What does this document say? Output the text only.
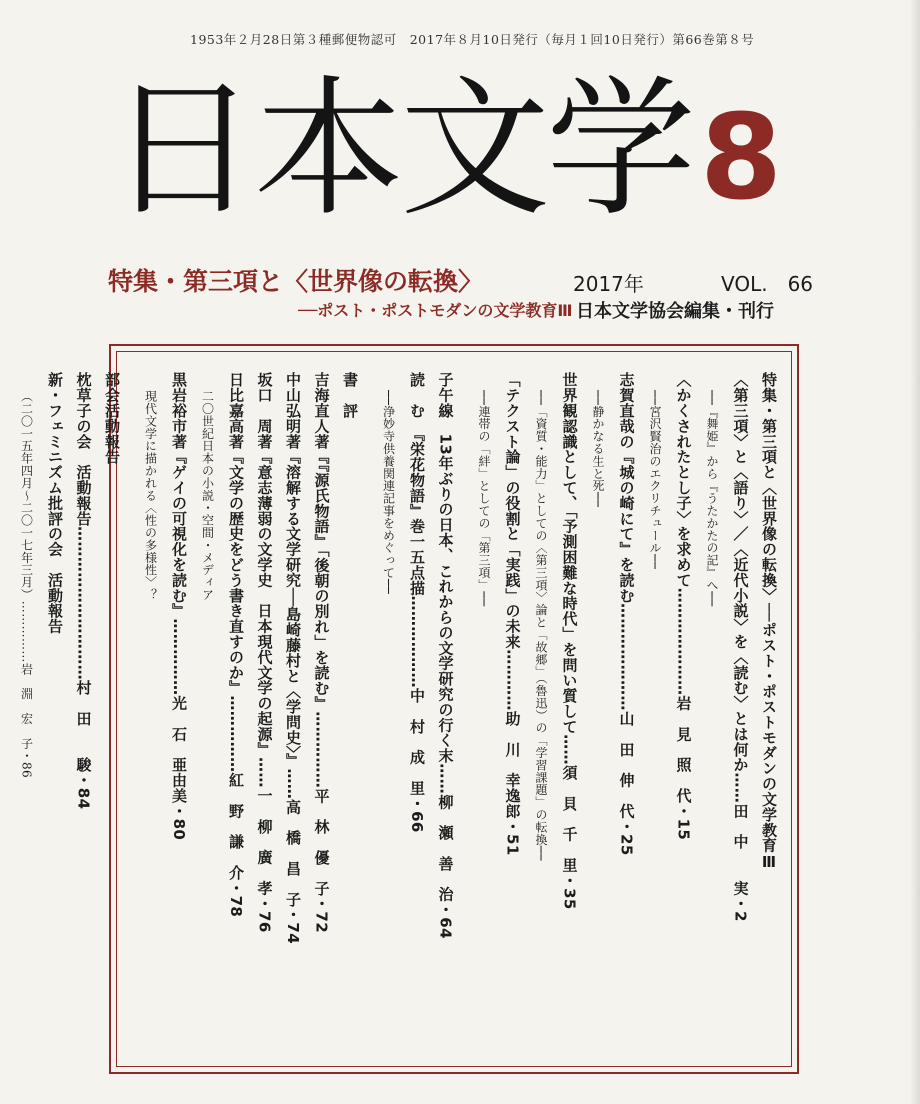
1953年２月28日第３種郵便物認可　2017年８月10日発行（毎月１回10日発行）第66巻第８号
日本文学 8
特集・第三項と〈世界像の転換〉
──ポスト・ポストモダンの文学教育Ⅲ
2017年	VOL.　66
日本文学協会編集・刊行
特集・第三項と〈世界像の転換〉──ポスト・ポストモダンの文学教育Ⅲ
〈第三項〉と〈語り〉／〈近代小説〉を〈読む〉とは何か……田　中　　実・2
──『舞姫』から『うたかたの記』へ──
〈かくされたとし子〉を求めて…………………岩　見　照　代・15
──宮沢賢治のエクリチュール──
志賀直哉の『城の崎にて』を読む…………………山　田　伸　代・25
──静かなる生と死──
世界観認識として、「予測困難な時代」を問い質して……須　貝　千　里・35
──「資質・能力」としての〈第三項〉論と「故郷」（魯迅）の「学習課題」の転換──
「テクスト論」の役割と「実践」の未来…………助　川　幸逸郎・51
──連帯の「絆」としての「第三項」──
子午線　13年ぶりの日本、これからの文学研究の行く末……柳　瀬　善　治・64
読　む　『栄花物語』巻一五点描………………中　村　成　里・66
──浄妙寺供養関連記事をめぐって──
書　評
吉海直人著『『源氏物語』「後朝の別れ」を読む』……………平　林　優　子・72
中山弘明著『溶解する文学研究──島崎藤村と〈学問史〉』……高　橋　昌　子・74
坂口　周著『意志薄弱の文学史　日本現代文学の起源』……一　柳　廣　孝・76
日比嘉高著『文学の歴史をどう書き直すのか』……………紅　野　謙　介・78
二〇世紀日本の小説・空間・メディア
黒岩裕市著『ゲイの可視化を読む』……………光　石　亜由美・80
現代文学に描かれる〈性の多様性〉？
部会活動報告
枕草子の会　活動報告…………………………村　田　　駿・84
新・フェミニズム批評の会　活動報告
（二〇一五年四月～二〇一七年三月）……………岩　淵　宏　子・86
